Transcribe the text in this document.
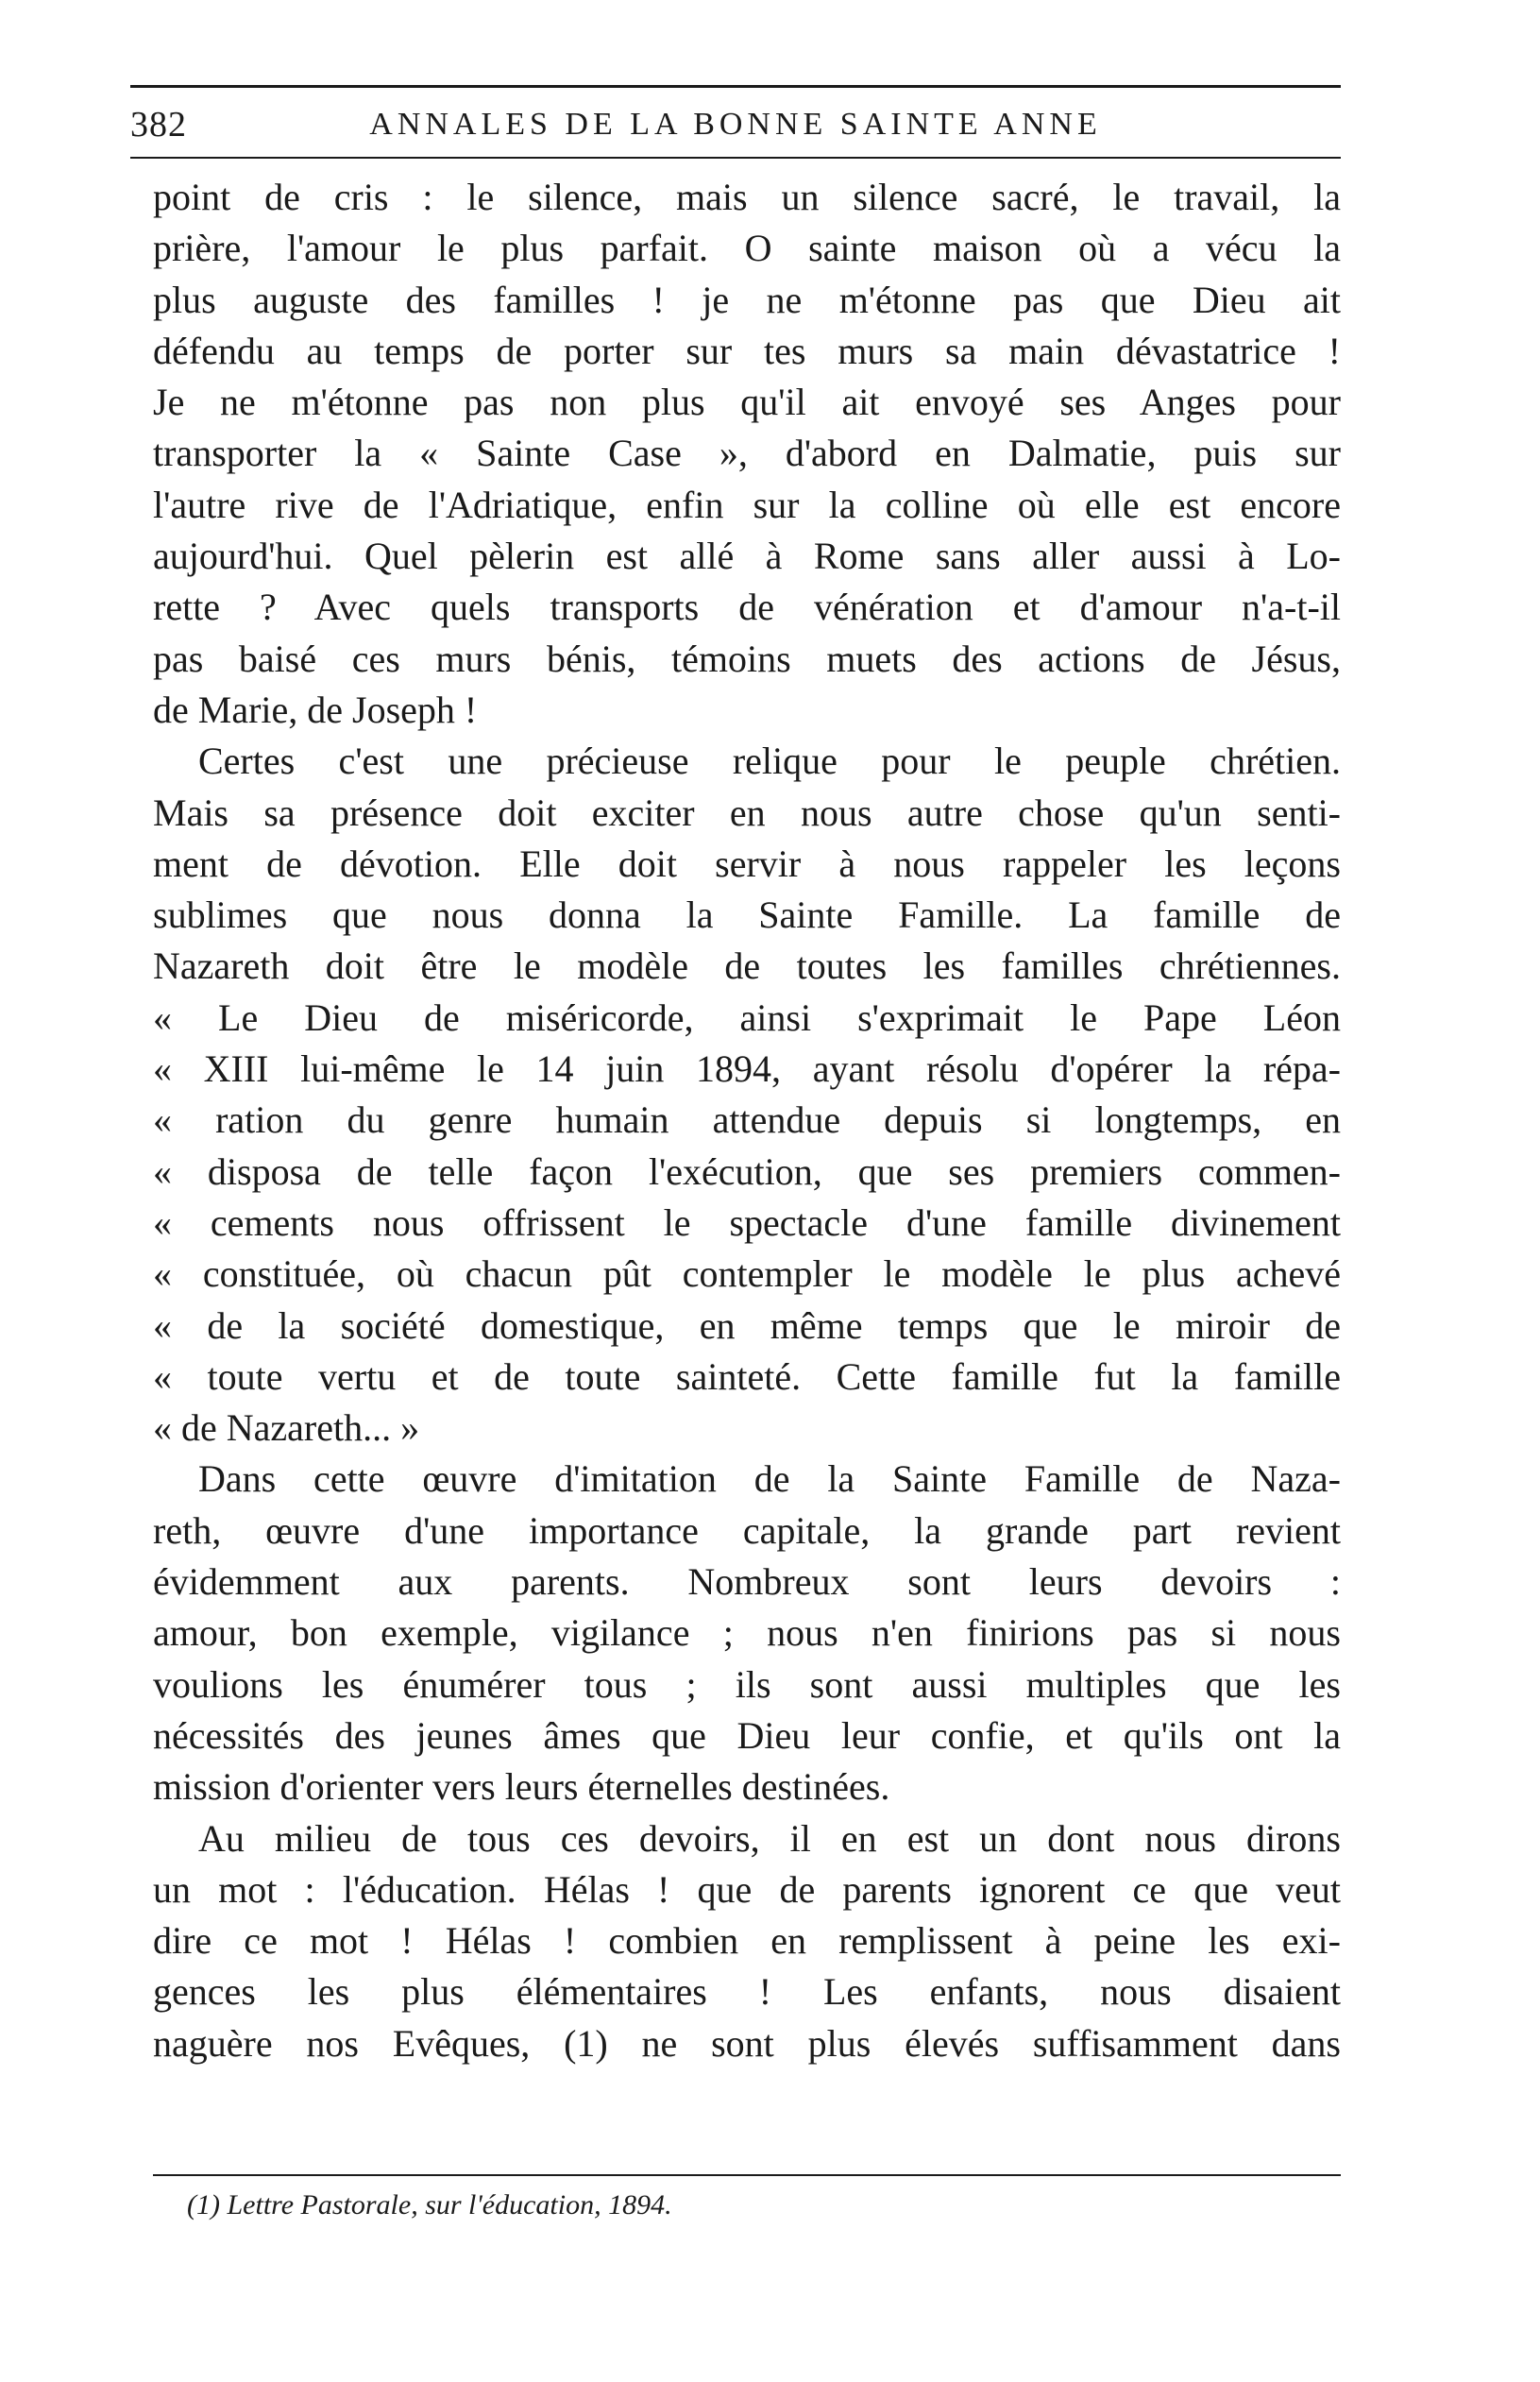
382	ANNALES DE LA BONNE SAINTE ANNE
point de cris : le silence, mais un silence sacré, le travail, la
prière, l'amour le plus parfait. O sainte maison où a vécu la
plus auguste des familles ! je ne m'étonne pas que Dieu ait
défendu au temps de porter sur tes murs sa main dévastatrice !
Je ne m'étonne pas non plus qu'il ait envoyé ses Anges pour
transporter la « Sainte Case », d'abord en Dalmatie, puis sur
l'autre rive de l'Adriatique, enfin sur la colline où elle est encore
aujourd'hui. Quel pèlerin est allé à Rome sans aller aussi à Lo-
rette ? Avec quels transports de vénération et d'amour n'a-t-il
pas baisé ces murs bénis, témoins muets des actions de Jésus,
de Marie, de Joseph !
Certes c'est une précieuse relique pour le peuple chrétien.
Mais sa présence doit exciter en nous autre chose qu'un senti-
ment de dévotion. Elle doit servir à nous rappeler les leçons
sublimes que nous donna la Sainte Famille. La famille de
Nazareth doit être le modèle de toutes les familles chrétiennes.
« Le Dieu de miséricorde, ainsi s'exprimait le Pape Léon
« XIII lui-même le 14 juin 1894, ayant résolu d'opérer la répa-
« ration du genre humain attendue depuis si longtemps, en
« disposa de telle façon l'exécution, que ses premiers commen-
« cements nous offrissent le spectacle d'une famille divinement
« constituée, où chacun pût contempler le modèle le plus achevé
« de la société domestique, en même temps que le miroir de
« toute vertu et de toute sainteté. Cette famille fut la famille
« de Nazareth... »
Dans cette œuvre d'imitation de la Sainte Famille de Naza-
reth, œuvre d'une importance capitale, la grande part revient
évidemment aux parents. Nombreux sont leurs devoirs :
amour, bon exemple, vigilance ; nous n'en finirions pas si nous
voulions les énumérer tous ; ils sont aussi multiples que les
nécessités des jeunes âmes que Dieu leur confie, et qu'ils ont la
mission d'orienter vers leurs éternelles destinées.
Au milieu de tous ces devoirs, il en est un dont nous dirons
un mot : l'éducation. Hélas ! que de parents ignorent ce que veut
dire ce mot ! Hélas ! combien en remplissent à peine les exi-
gences les plus élémentaires ! Les enfants, nous disaient
naguère nos Evêques, (1) ne sont plus élevés suffisamment dans
(1) Lettre Pastorale, sur l'éducation, 1894.
